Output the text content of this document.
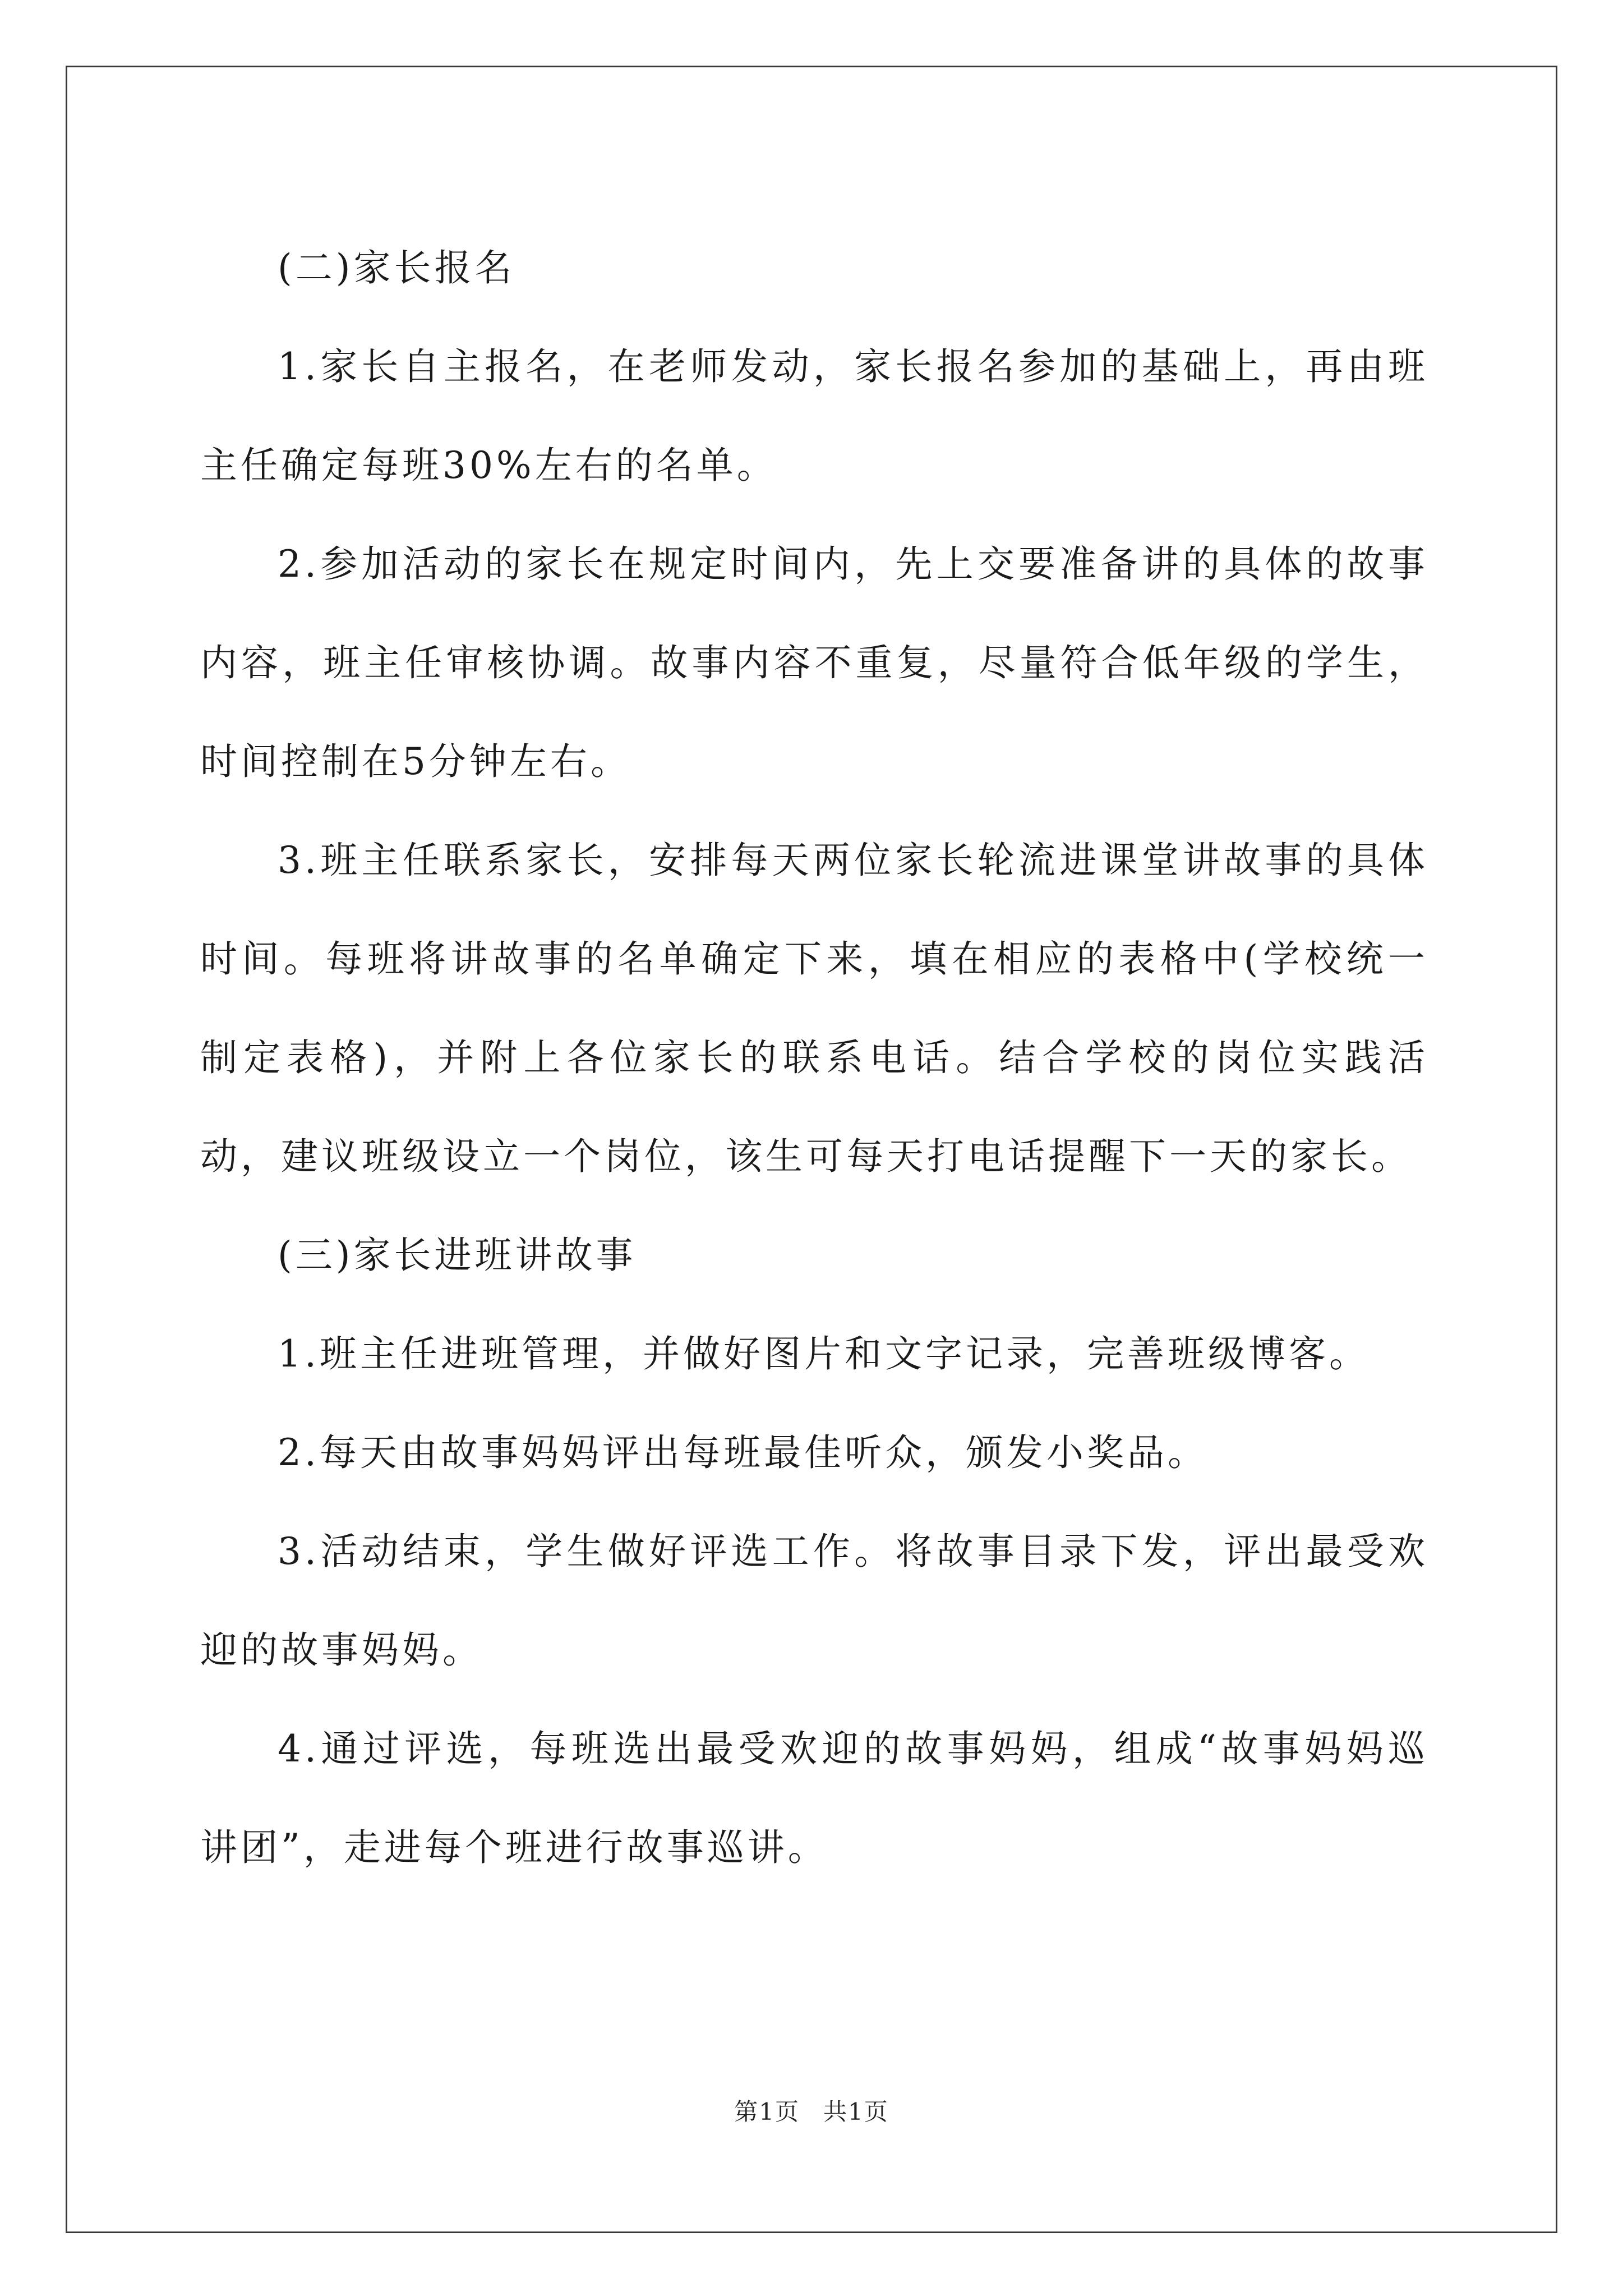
(二)家长报名

1.家长自主报名，在老师发动，家长报名参加的基础上，再由班主任确定每班30%左右的名单。

2.参加活动的家长在规定时间内，先上交要准备讲的具体的故事内容，班主任审核协调。故事内容不重复，尽量符合低年级的学生，时间控制在5分钟左右。

3.班主任联系家长，安排每天两位家长轮流进课堂讲故事的具体时间。每班将讲故事的名单确定下来，填在相应的表格中(学校统一制定表格)，并附上各位家长的联系电话。结合学校的岗位实践活动，建议班级设立一个岗位，该生可每天打电话提醒下一天的家长。

(三)家长进班讲故事

1.班主任进班管理，并做好图片和文字记录，完善班级博客。

2.每天由故事妈妈评出每班最佳听众，颁发小奖品。

3.活动结束，学生做好评选工作。将故事目录下发，评出最受欢迎的故事妈妈。

4.通过评选，每班选出最受欢迎的故事妈妈，组成“故事妈妈巡讲团”，走进每个班进行故事巡讲。

第1页 共1页
